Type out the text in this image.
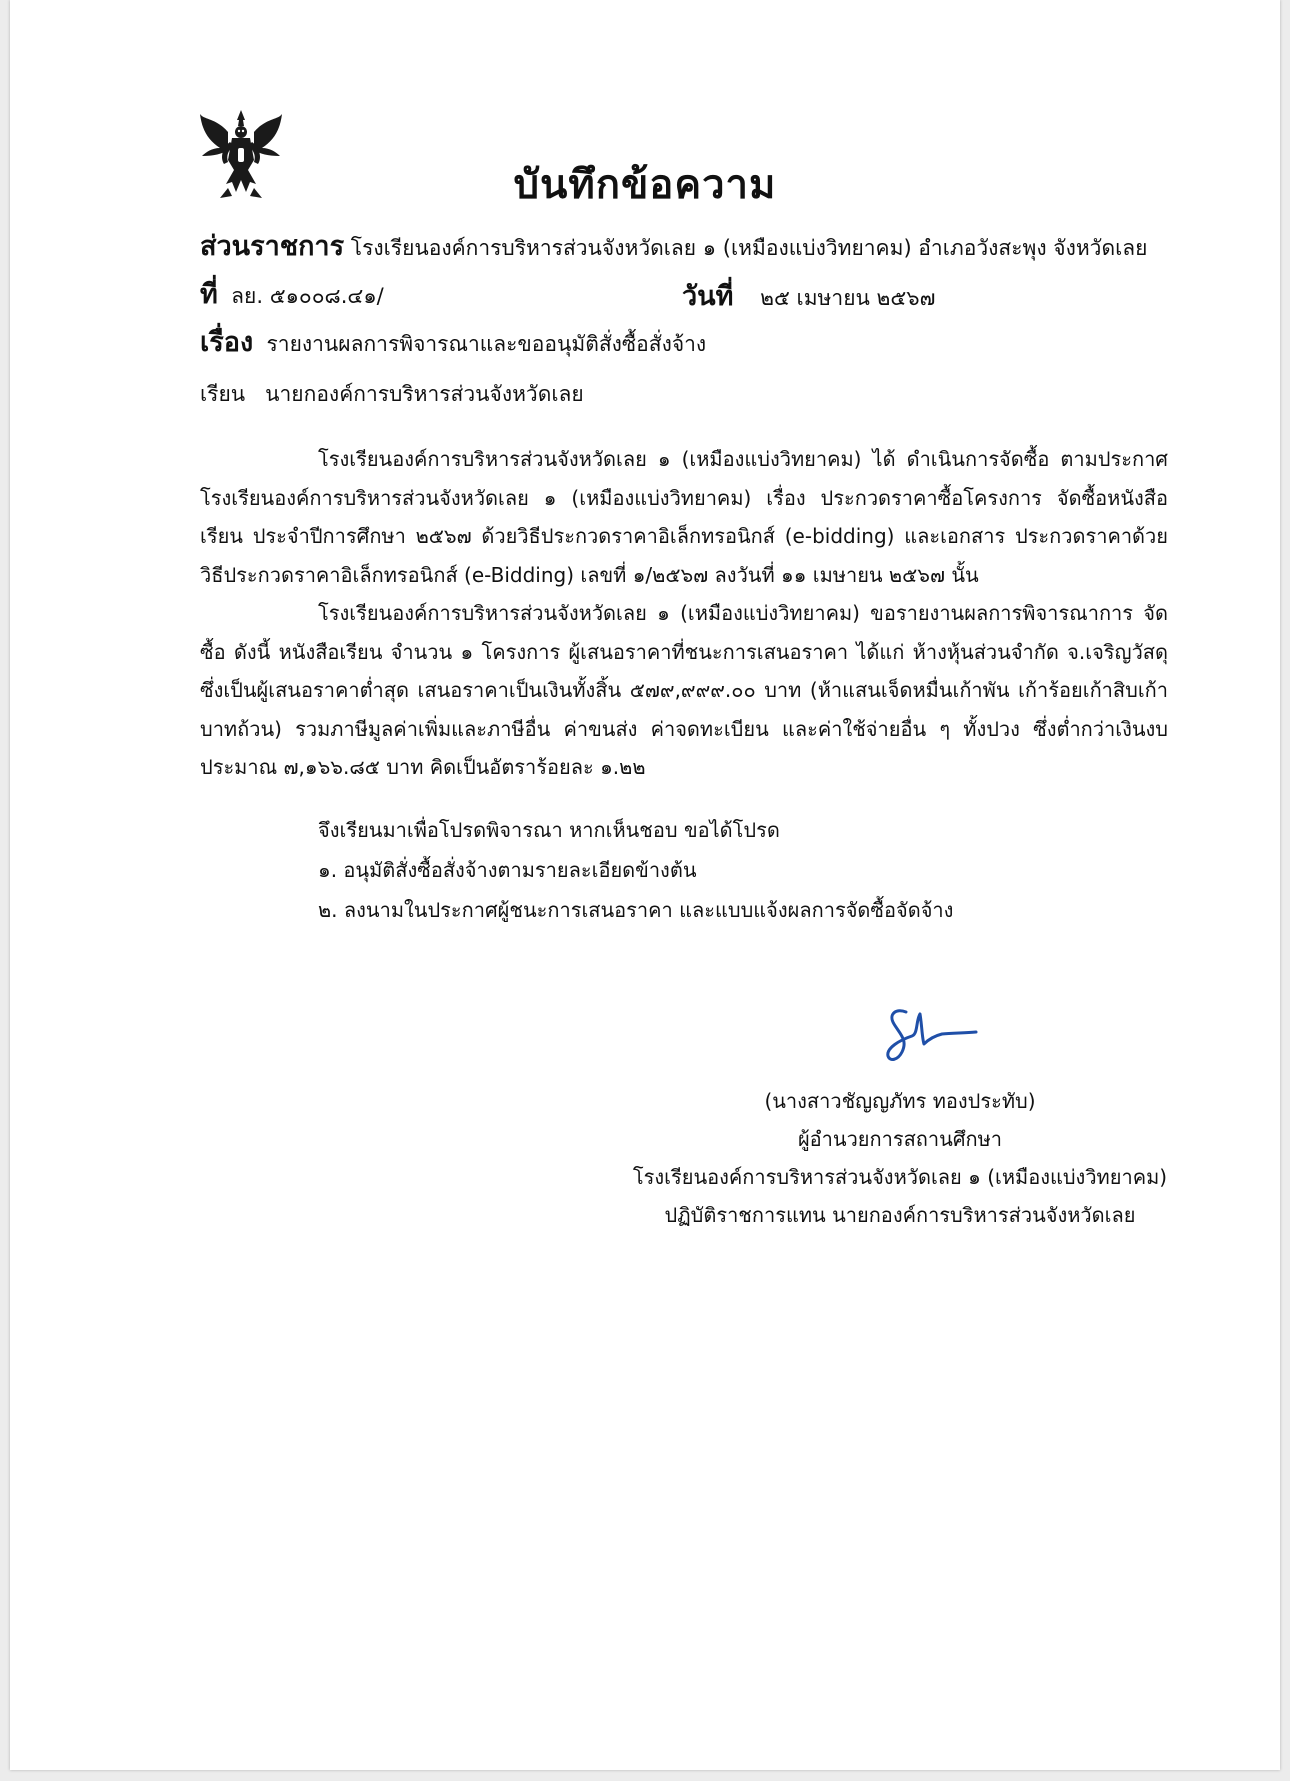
บันทึกข้อความ
ส่วนราชการ โรงเรียนองค์การบริหารส่วนจังหวัดเลย ๑ (เหมืองแบ่งวิทยาคม) อำเภอวังสะพุง จังหวัดเลย
ที่ ลย. ๕๑๐๐๘.๔๑/	วันที่ ๒๕ เมษายน ๒๕๖๗
เรื่อง รายงานผลการพิจารณาและขออนุมัติสั่งซื้อสั่งจ้าง
เรียน นายกองค์การบริหารส่วนจังหวัดเลย

โรงเรียนองค์การบริหารส่วนจังหวัดเลย ๑ (เหมืองแบ่งวิทยาคม) ได้ ดำเนินการจัดซื้อ ตามประกาศ โรงเรียนองค์การบริหารส่วนจังหวัดเลย ๑ (เหมืองแบ่งวิทยาคม) เรื่อง ประกวดราคาซื้อโครงการ จัดซื้อหนังสือเรียน ประจำปีการศึกษา ๒๕๖๗ ด้วยวิธีประกวดราคาอิเล็กทรอนิกส์ (e-bidding) และเอกสาร ประกวดราคาด้วยวิธีประกวดราคาอิเล็กทรอนิกส์ (e-Bidding) เลขที่ ๑/๒๕๖๗ ลงวันที่ ๑๑ เมษายน ๒๕๖๗ นั้น

โรงเรียนองค์การบริหารส่วนจังหวัดเลย ๑ (เหมืองแบ่งวิทยาคม) ขอรายงานผลการพิจารณาการ จัดซื้อ ดังนี้ หนังสือเรียน จำนวน ๑ โครงการ ผู้เสนอราคาที่ชนะการเสนอราคา ได้แก่ ห้างหุ้นส่วนจำกัด จ.เจริญวัสดุ ซึ่งเป็นผู้เสนอราคาต่ำสุด เสนอราคาเป็นเงินทั้งสิ้น ๕๗๙,๙๙๙.๐๐ บาท (ห้าแสนเจ็ดหมื่นเก้าพัน เก้าร้อยเก้าสิบเก้าบาทถ้วน) รวมภาษีมูลค่าเพิ่มและภาษีอื่น ค่าขนส่ง ค่าจดทะเบียน และค่าใช้จ่ายอื่น ๆ ทั้งปวง ซึ่งต่ำกว่าเงินงบประมาณ ๗,๑๖๖.๘๕ บาท คิดเป็นอัตราร้อยละ ๑.๒๒

จึงเรียนมาเพื่อโปรดพิจารณา หากเห็นชอบ ขอได้โปรด
๑. อนุมัติสั่งซื้อสั่งจ้างตามรายละเอียดข้างต้น
๒. ลงนามในประกาศผู้ชนะการเสนอราคา และแบบแจ้งผลการจัดซื้อจัดจ้าง
(นางสาวชัญญภัทร ทองประทับ)
ผู้อำนวยการสถานศึกษา
โรงเรียนองค์การบริหารส่วนจังหวัดเลย ๑ (เหมืองแบ่งวิทยาคม)
ปฏิบัติราชการแทน นายกองค์การบริหารส่วนจังหวัดเลย
